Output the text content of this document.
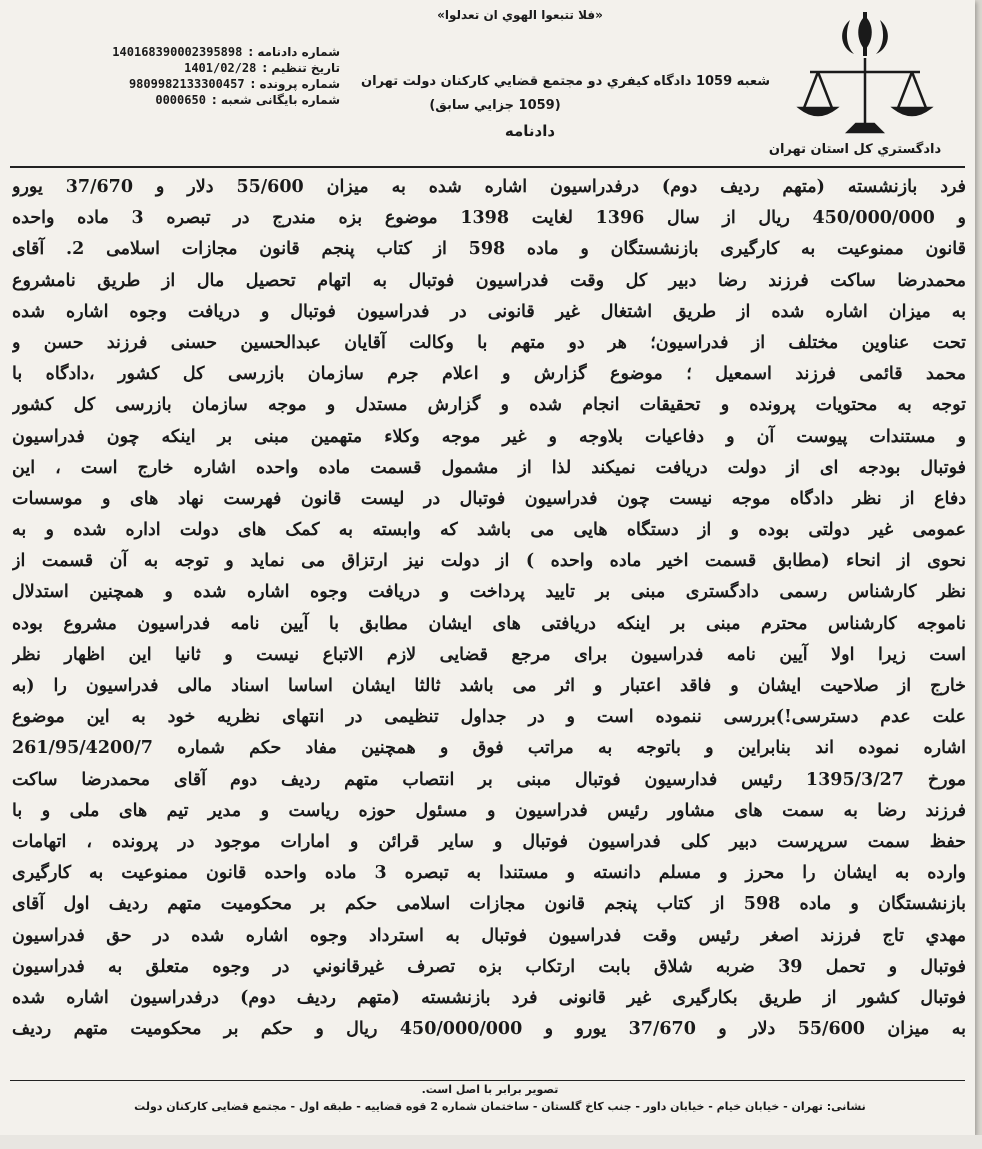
«فلا تتبعوا الهوي ان تعدلوا»
دادگستري كل استان تهران
شعبه 1059 دادگاه كيفري دو مجتمع قضايي كاركنان دولت تهران
(1059 جزايي سابق)
دادنامه
شماره دادنامه :
140168390002395898
تاریخ تنظیم :
1401/02/28
شماره پرونده :
9809982133300457
شماره بایگانی شعبه :
0000650
فرد بازنشسته (متهم ردیف دوم) درفدراسیون اشاره شده به میزان 55/600 دلار و 37/670 یورو
و 450/000/000 ریال از سال 1396 لغایت 1398 موضوع بزه مندرج در تبصره 3 ماده واحده
قانون ممنوعیت به کارگیری بازنشستگان و ماده 598 از کتاب پنجم قانون مجازات اسلامی 2. آقای
محمدرضا ساکت فرزند رضا دبیر کل وقت فدراسیون فوتبال به اتهام تحصیل مال از طریق نامشروع
به میزان اشاره شده از طریق اشتغال غیر قانونی در فدراسیون فوتبال و دریافت وجوه اشاره شده
تحت عناوین مختلف از فدراسیون؛ هر دو متهم با وکالت آقایان عبدالحسین حسنی فرزند حسن و
محمد قائمی فرزند اسمعیل ؛ موضوع گزارش و اعلام جرم سازمان بازرسی کل کشور ،دادگاه با
توجه به محتویات پرونده و تحقیقات انجام شده و گزارش مستدل و موجه سازمان بازرسی کل کشور
و مستندات پیوست آن و دفاعیات بلاوجه و غیر موجه وکلاء متهمین مبنی بر اینکه چون فدراسیون
فوتبال بودجه ای از دولت دریافت نمیکند لذا از مشمول قسمت ماده واحده اشاره خارج است ، این
دفاع از نظر دادگاه موجه نیست چون فدراسیون فوتبال در لیست قانون فهرست نهاد های و موسسات
عمومی غیر دولتی بوده و از دستگاه هایی می باشد که وابسته به کمک های دولت اداره شده و به
نحوی از انحاء (مطابق قسمت اخیر ماده واحده ) از دولت نیز ارتزاق می نماید و توجه به آن قسمت از
نظر کارشناس رسمی دادگستری مبنی بر تایید پرداخت و دریافت وجوه اشاره شده و همچنین استدلال
ناموجه کارشناس محترم مبنی بر اینکه دریافتی های ایشان مطابق با آیین نامه فدراسیون مشروع بوده
است زیرا اولا آیین نامه فدراسیون برای مرجع قضایی لازم الاتباع نیست و ثانیا این اظهار نظر
خارج از صلاحیت ایشان و فاقد اعتبار و اثر می باشد ثالثا ایشان اساسا اسناد مالی فدراسیون را (به
علت عدم دسترسی!)بررسی ننموده است و در جداول تنظیمی در انتهای نظریه خود به این موضوع
اشاره نموده اند بنابراین و باتوجه به مراتب فوق و همچنین مفاد حکم شماره 261/95/4200/7
مورخ 1395/3/27 رئیس فدارسیون فوتبال مبنی بر انتصاب متهم ردیف دوم آقای محمدرضا ساکت
فرزند رضا به سمت های مشاور رئیس فدراسیون و مسئول حوزه ریاست و مدیر تیم های ملی و با
حفظ سمت سرپرست دبیر کلی فدراسیون فوتبال و سایر قرائن و امارات موجود در پرونده ، اتهامات
وارده به ایشان را محرز و مسلم دانسته و مستندا به تبصره 3 ماده واحده قانون ممنوعیت به کارگیری
بازنشستگان و ماده 598 از کتاب پنجم قانون مجازات اسلامی حکم بر محکومیت متهم ردیف اول آقای
مهدي تاج فرزند اصغر رئیس وقت فدراسیون فوتبال به استرداد وجوه اشاره شده در حق فدراسیون
فوتبال و تحمل 39 ضربه شلاق بابت ارتکاب بزه تصرف غیرقانوني در وجوه متعلق به فدراسیون
فوتبال کشور از طریق بکارگیری غیر قانونی فرد بازنشسته (متهم ردیف دوم) درفدراسیون اشاره شده
به میزان 55/600 دلار و 37/670 یورو و 450/000/000 ریال و حکم بر محکومیت متهم ردیف
تصویر برابر با اصل است.
نشانی: تهران - خیابان خیام - خیابان داور - جنب کاخ گلستان - ساختمان شماره 2 قوه قضاییه - طبقه اول - مجتمع قضایی کارکنان دولت
